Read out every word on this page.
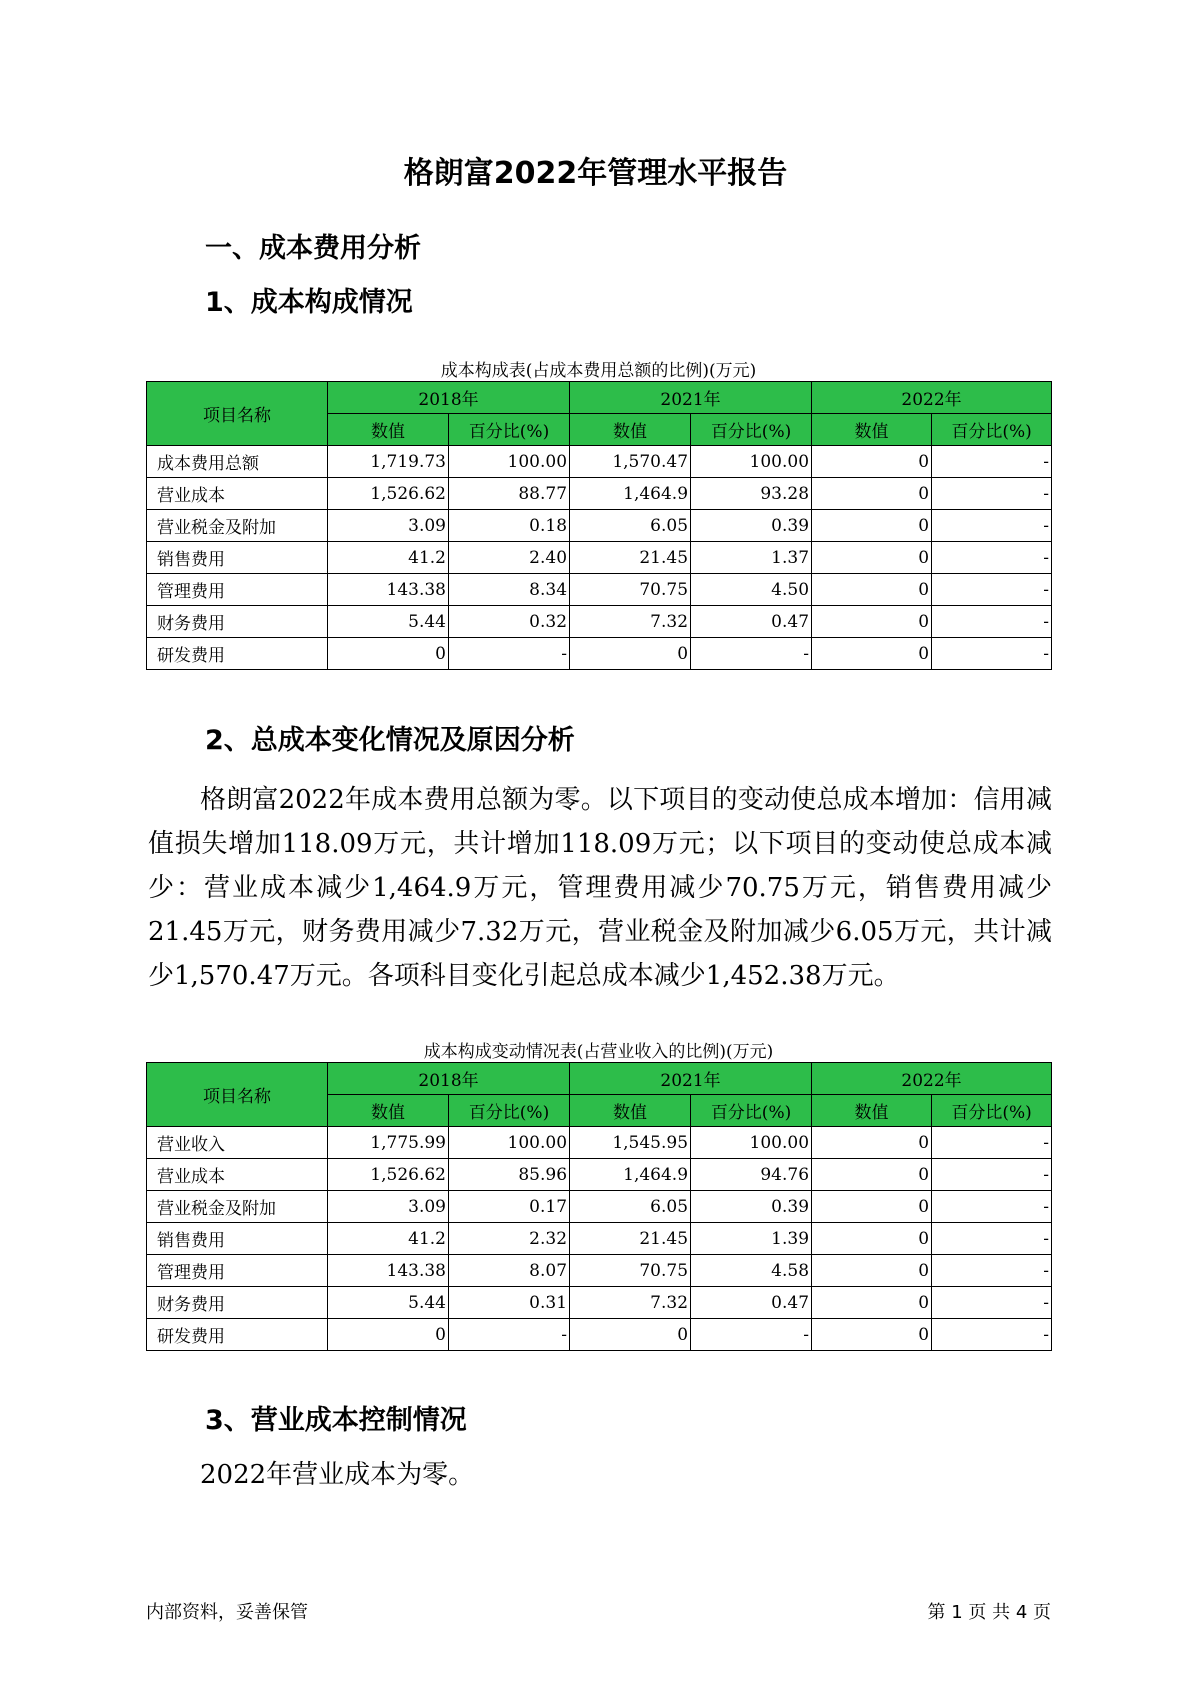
格朗富2022年管理水平报告
一、成本费用分析
1、成本构成情况
成本构成表(占成本费用总额的比例)(万元)
项目名称	2018年		2021年		2022年	
	数值	百分比(%)	数值	百分比(%)	数值	百分比(%)
成本费用总额	1,719.73	100.00	1,570.47	100.00	0	-
营业成本	1,526.62	88.77	1,464.9	93.28	0	-
营业税金及附加	3.09	0.18	6.05	0.39	0	-
销售费用	41.2	2.40	21.45	1.37	0	-
管理费用	143.38	8.34	70.75	4.50	0	-
财务费用	5.44	0.32	7.32	0.47	0	-
研发费用	0	-	0	-	0	-
2、总成本变化情况及原因分析
格朗富2022年成本费用总额为零。以下项目的变动使总成本增加：信用减值损失增加118.09万元，共计增加118.09万元；以下项目的变动使总成本减少：营业成本减少1,464.9万元，管理费用减少70.75万元，销售费用减少21.45万元，财务费用减少7.32万元，营业税金及附加减少6.05万元，共计减少1,570.47万元。各项科目变化引起总成本减少1,452.38万元。
成本构成变动情况表(占营业收入的比例)(万元)
项目名称	2018年		2021年		2022年	
	数值	百分比(%)	数值	百分比(%)	数值	百分比(%)
营业收入	1,775.99	100.00	1,545.95	100.00	0	-
营业成本	1,526.62	85.96	1,464.9	94.76	0	-
营业税金及附加	3.09	0.17	6.05	0.39	0	-
销售费用	41.2	2.32	21.45	1.39	0	-
管理费用	143.38	8.07	70.75	4.58	0	-
财务费用	5.44	0.31	7.32	0.47	0	-
研发费用	0	-	0	-	0	-
3、营业成本控制情况
2022年营业成本为零。
内部资料，妥善保管	第 1 页 共 4 页
